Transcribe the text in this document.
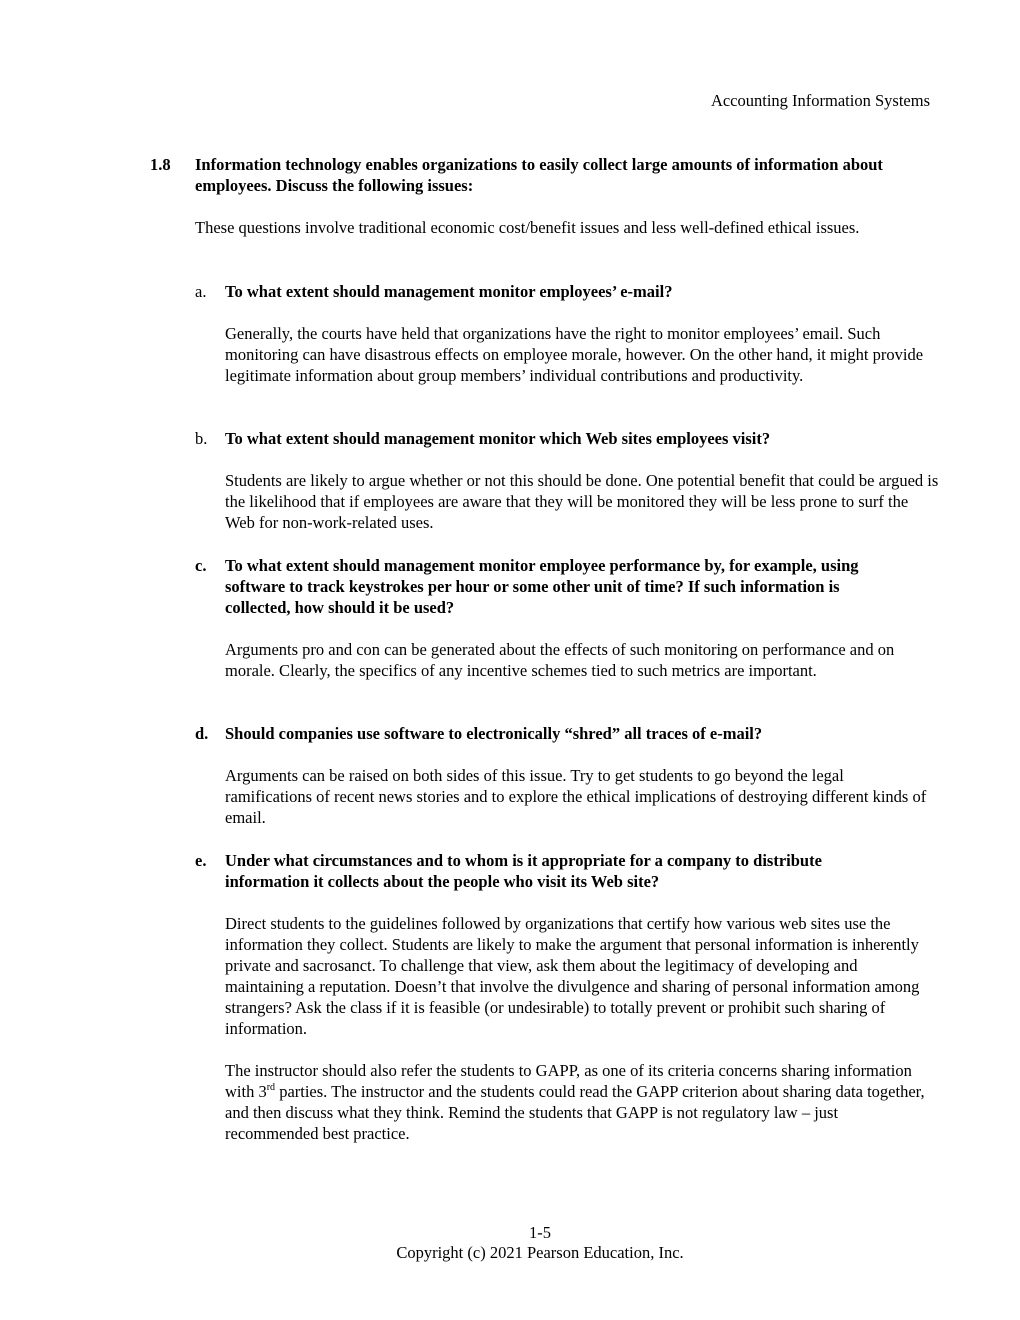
Accounting Information Systems
1.8 Information technology enables organizations to easily collect large amounts of information about employees. Discuss the following issues:
These questions involve traditional economic cost/benefit issues and less well-defined ethical issues.
a. To what extent should management monitor employees’ e-mail?
Generally, the courts have held that organizations have the right to monitor employees’ email. Such monitoring can have disastrous effects on employee morale, however. On the other hand, it might provide legitimate information about group members’ individual contributions and productivity.
b. To what extent should management monitor which Web sites employees visit?
Students are likely to argue whether or not this should be done. One potential benefit that could be argued is the likelihood that if employees are aware that they will be monitored they will be less prone to surf the Web for non-work-related uses.
c. To what extent should management monitor employee performance by, for example, using software to track keystrokes per hour or some other unit of time? If such information is collected, how should it be used?
Arguments pro and con can be generated about the effects of such monitoring on performance and on morale. Clearly, the specifics of any incentive schemes tied to such metrics are important.
d. Should companies use software to electronically “shred” all traces of e-mail?
Arguments can be raised on both sides of this issue. Try to get students to go beyond the legal ramifications of recent news stories and to explore the ethical implications of destroying different kinds of email.
e. Under what circumstances and to whom is it appropriate for a company to distribute information it collects about the people who visit its Web site?
Direct students to the guidelines followed by organizations that certify how various web sites use the information they collect. Students are likely to make the argument that personal information is inherently private and sacrosanct. To challenge that view, ask them about the legitimacy of developing and maintaining a reputation. Doesn’t that involve the divulgence and sharing of personal information among strangers? Ask the class if it is feasible (or undesirable) to totally prevent or prohibit such sharing of information.
The instructor should also refer the students to GAPP, as one of its criteria concerns sharing information with 3rd parties. The instructor and the students could read the GAPP criterion about sharing data together, and then discuss what they think. Remind the students that GAPP is not regulatory law – just recommended best practice.
1-5
Copyright (c) 2021 Pearson Education, Inc.
